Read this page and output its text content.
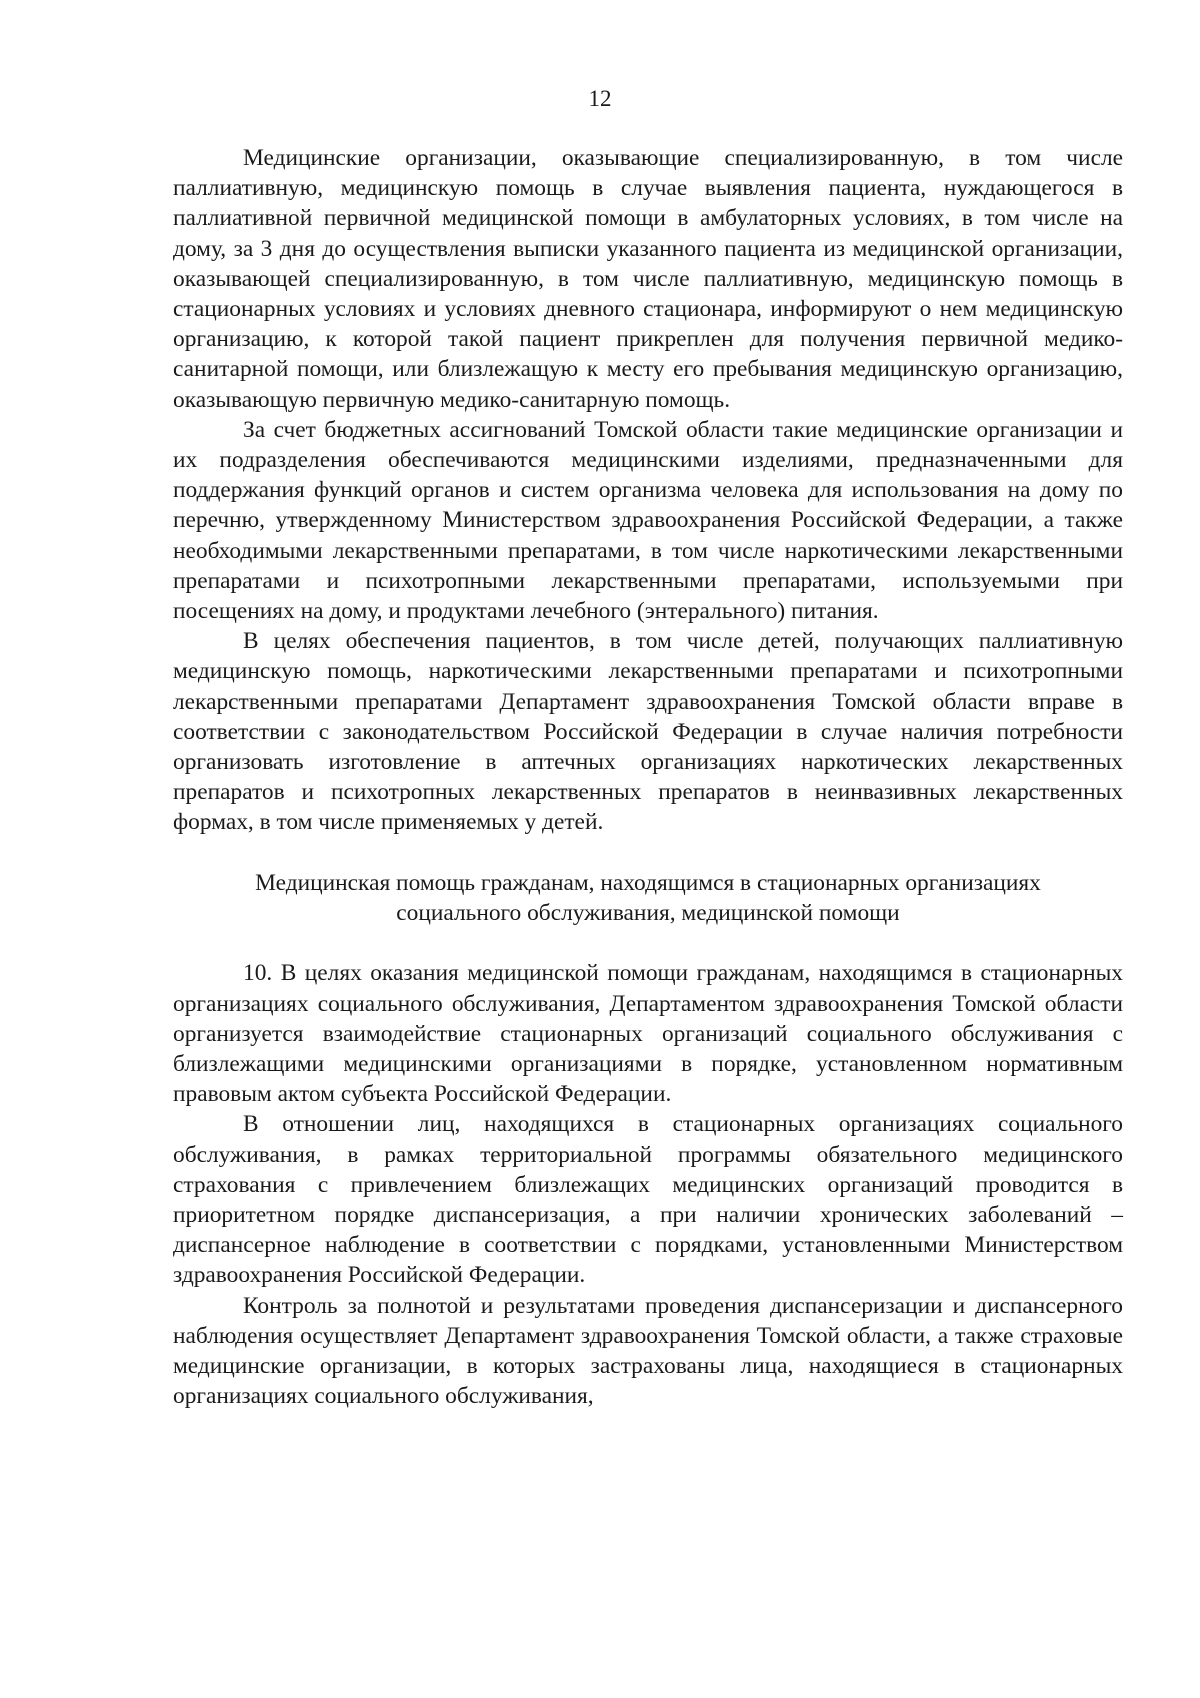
12

Медицинские организации, оказывающие специализированную, в том числе паллиативную, медицинскую помощь в случае выявления пациента, нуждающегося в паллиативной первичной медицинской помощи в амбулаторных условиях, в том числе на дому, за 3 дня до осуществления выписки указанного пациента из медицинской организации, оказывающей специализированную, в том числе паллиативную, медицинскую помощь в стационарных условиях и условиях дневного стационара, информируют о нем медицинскую организацию, к которой такой пациент прикреплен для получения первичной медико-санитарной помощи, или близлежащую к месту его пребывания медицинскую организацию, оказывающую первичную медико-санитарную помощь.

За счет бюджетных ассигнований Томской области такие медицинские организации и их подразделения обеспечиваются медицинскими изделиями, предназначенными для поддержания функций органов и систем организма человека для использования на дому по перечню, утвержденному Министерством здравоохранения Российской Федерации, а также необходимыми лекарственными препаратами, в том числе наркотическими лекарственными препаратами и психотропными лекарственными препаратами, используемыми при посещениях на дому, и продуктами лечебного (энтерального) питания.

В целях обеспечения пациентов, в том числе детей, получающих паллиативную медицинскую помощь, наркотическими лекарственными препаратами и психотропными лекарственными препаратами Департамент здравоохранения Томской области вправе в соответствии с законодательством Российской Федерации в случае наличия потребности организовать изготовление в аптечных организациях наркотических лекарственных препаратов и психотропных лекарственных препаратов в неинвазивных лекарственных формах, в том числе применяемых у детей.

Медицинская помощь гражданам, находящимся в стационарных организациях

социального обслуживания, медицинской помощи

10. В целях оказания медицинской помощи гражданам, находящимся в стационарных организациях социального обслуживания, Департаментом здравоохранения Томской области организуется взаимодействие стационарных организаций социального обслуживания с близлежащими медицинскими организациями в порядке, установленном нормативным правовым актом субъекта Российской Федерации.

В отношении лиц, находящихся в стационарных организациях социального обслуживания, в рамках территориальной программы обязательного медицинского страхования с привлечением близлежащих медицинских организаций проводится в приоритетном порядке диспансеризация, а при наличии хронических заболеваний – диспансерное наблюдение в соответствии с порядками, установленными Министерством здравоохранения Российской Федерации.

Контроль за полнотой и результатами проведения диспансеризации и диспансерного наблюдения осуществляет Департамент здравоохранения Томской области, а также страховые медицинские организации, в которых застрахованы лица, находящиеся в стационарных организациях социального обслуживания,
